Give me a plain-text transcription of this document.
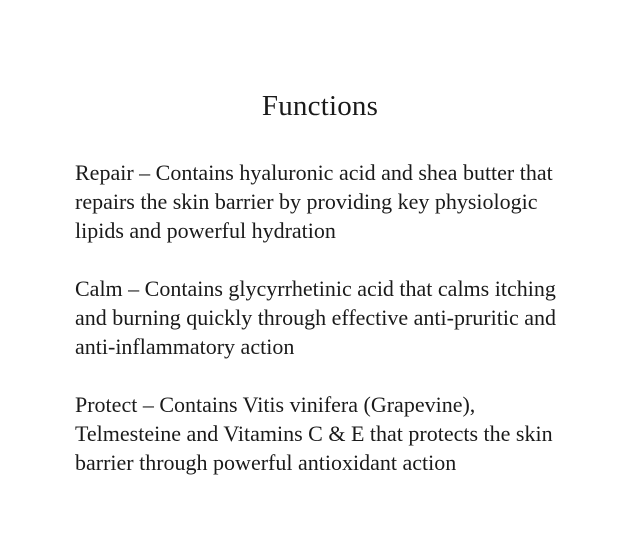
Functions
Repair – Contains hyaluronic acid and shea butter that
repairs the skin barrier by providing key physiologic
lipids and powerful hydration
Calm – Contains glycyrrhetinic acid that calms itching
and burning quickly through effective anti-pruritic and
anti-inflammatory action
Protect – Contains Vitis vinifera (Grapevine),
Telmesteine and Vitamins C & E that protects the skin
barrier through powerful antioxidant action
